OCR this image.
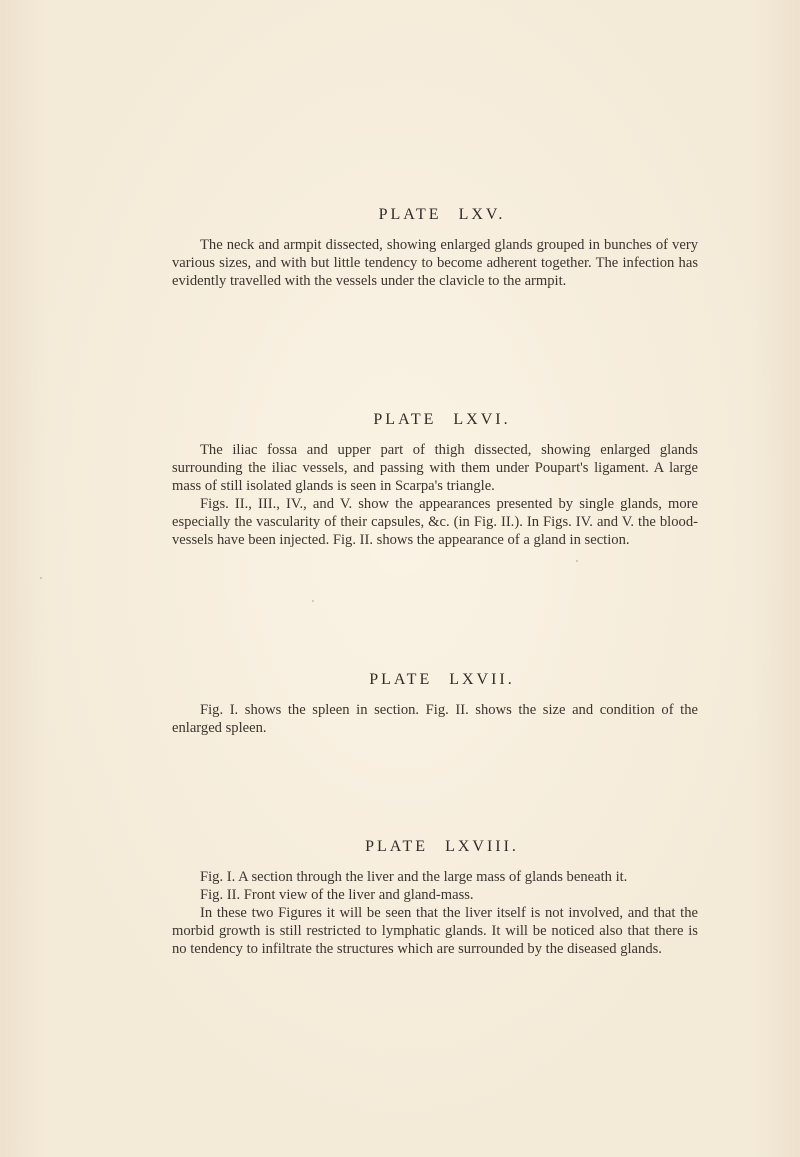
PLATE LXV.

The neck and armpit dissected, showing enlarged glands grouped in bunches of very various sizes, and with but little tendency to become adherent together. The infection has evidently travelled with the vessels under the clavicle to the armpit.

PLATE LXVI.

The iliac fossa and upper part of thigh dissected, showing enlarged glands surrounding the iliac vessels, and passing with them under Poupart's ligament. A large mass of still isolated glands is seen in Scarpa's triangle.

Figs. II., III., IV., and V. show the appearances presented by single glands, more especially the vascularity of their capsules, &c. (in Fig. II.). In Figs. IV. and V. the blood-vessels have been injected. Fig. II. shows the appearance of a gland in section.

PLATE LXVII.

Fig. I. shows the spleen in section. Fig. II. shows the size and condition of the enlarged spleen.

PLATE LXVIII.

Fig. I. A section through the liver and the large mass of glands beneath it.

Fig. II. Front view of the liver and gland-mass.

In these two Figures it will be seen that the liver itself is not involved, and that the morbid growth is still restricted to lymphatic glands. It will be noticed also that there is no tendency to infiltrate the structures which are surrounded by the diseased glands.
